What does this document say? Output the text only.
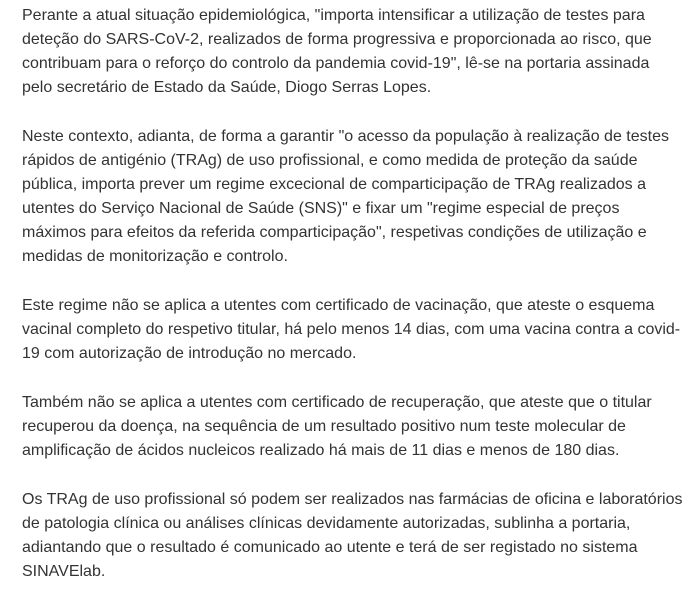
Perante a atual situação epidemiológica, "importa intensificar a utilização de testes para deteção do SARS-CoV-2, realizados de forma progressiva e proporcionada ao risco, que contribuam para o reforço do controlo da pandemia covid-19", lê-se na portaria assinada pelo secretário de Estado da Saúde, Diogo Serras Lopes.

Neste contexto, adianta, de forma a garantir "o acesso da população à realização de testes rápidos de antigénio (TRAg) de uso profissional, e como medida de proteção da saúde pública, importa prever um regime excecional de comparticipação de TRAg realizados a utentes do Serviço Nacional de Saúde (SNS)" e fixar um "regime especial de preços máximos para efeitos da referida comparticipação", respetivas condições de utilização e medidas de monitorização e controlo.

Este regime não se aplica a utentes com certificado de vacinação, que ateste o esquema vacinal completo do respetivo titular, há pelo menos 14 dias, com uma vacina contra a covid-19 com autorização de introdução no mercado.

Também não se aplica a utentes com certificado de recuperação, que ateste que o titular recuperou da doença, na sequência de um resultado positivo num teste molecular de amplificação de ácidos nucleicos realizado há mais de 11 dias e menos de 180 dias.

Os TRAg de uso profissional só podem ser realizados nas farmácias de oficina e laboratórios de patologia clínica ou análises clínicas devidamente autorizadas, sublinha a portaria, adiantando que o resultado é comunicado ao utente e terá de ser registado no sistema SINAVElab.
